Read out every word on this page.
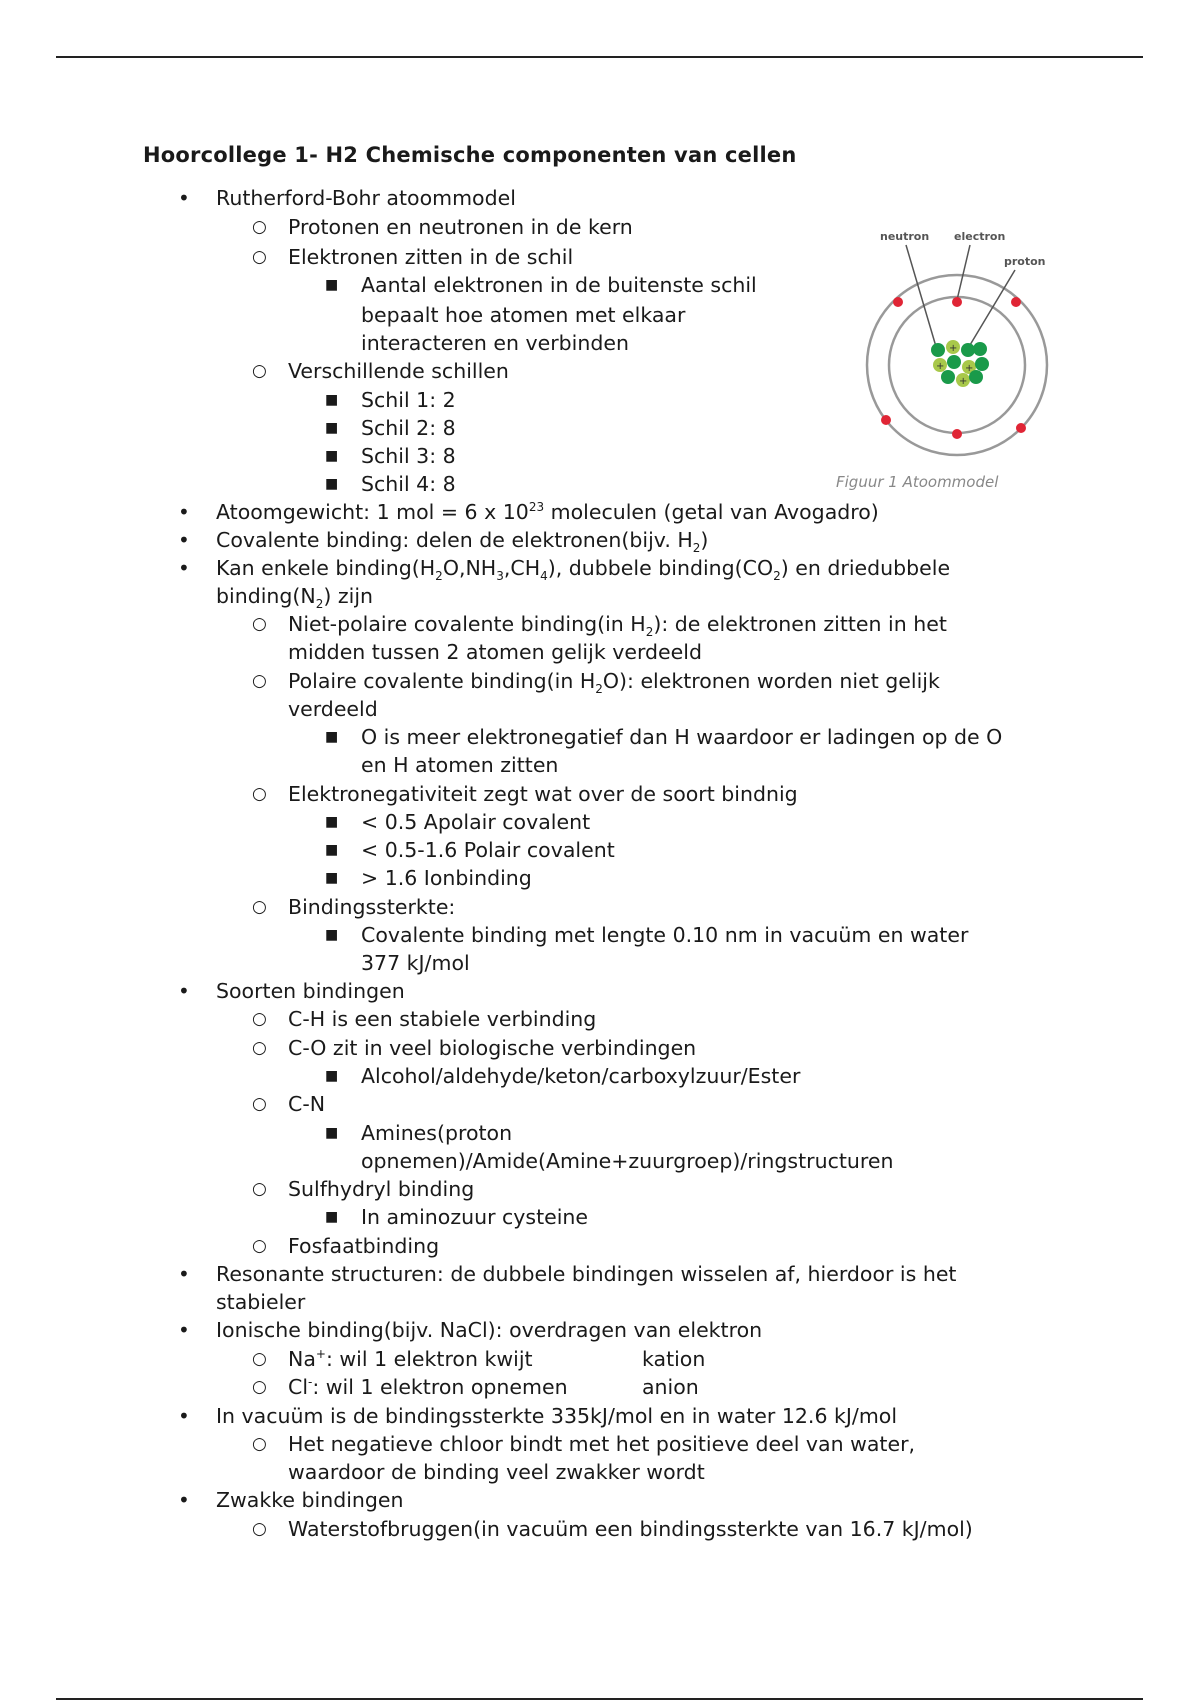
Hoorcollege 1- H2 Chemische componenten van cellen
neutron electron
proton
+
+ +
+
Figuur 1 Atoommodel
• Rutherford-Bohr atoommodel
○ Protonen en neutronen in de kern
○ Elektronen zitten in de schil
■ Aantal elektronen in de buitenste schil
bepaalt hoe atomen met elkaar
interacteren en verbinden
○ Verschillende schillen
■ Schil 1: 2
■ Schil 2: 8
■ Schil 3: 8
■ Schil 4: 8
• Atoomgewicht: 1 mol = 6 x $10^{23}$ moleculen (getal van Avogadro)
• Covalente binding: delen de elektronen(bijv. $H_2$)
• Kan enkele $binding(H_2O,NH_3,CH_4)$, dubbele $binding(CO_2)$ en driedubbele
$binding(N_2)$ zijn
○ Niet-polaire covalente binding(in $H_2$): de elektronen zitten in het
midden tussen 2 atomen gelijk verdeeld
○ Polaire covalente binding(in $H_2O$): elektronen worden niet gelijk
verdeeld
■ O is meer elektronegatief dan H waardoor er ladingen op de O
en H atomen zitten
○ Elektronegativiteit zegt wat over de soort bindnig
■ < 0.5 Apolair covalent
■ < 0.5-1.6 Polair covalent
■ > 1.6 Ionbinding
○ Bindingssterkte:
■ Covalente binding met lengte 0.10 nm in vacuüm en water
377 kJ/mol
• Soorten bindingen
○ C-H is een stabiele verbinding
○ C-O zit in veel biologische verbindingen
■ Alcohol/aldehyde/keton/carboxylzuur/Ester
○ C-N
■ Amines(proton
opnemen)/Amide(Amine+zuurgroep)/ringstructuren
○ Sulfhydryl binding
■ In aminozuur cysteine
○ Fosfaatbinding
• Resonante structuren: de dubbele bindingen wisselen af, hierdoor is het
stabieler
• Ionische binding(bijv. NaCl): overdragen van elektron
○ Na+: wil 1 elektron kwijt	kation
○ Cl-: wil 1 elektron opnemen	anion
• In vacuüm is de bindingssterkte 335kJ/mol en in water 12.6 kJ/mol
○ Het negatieve chloor bindt met het positieve deel van water,
waardoor de binding veel zwakker wordt
• Zwakke bindingen
○ Waterstofbruggen(in vacuüm een bindingssterkte van 16.7 kJ/mol)
